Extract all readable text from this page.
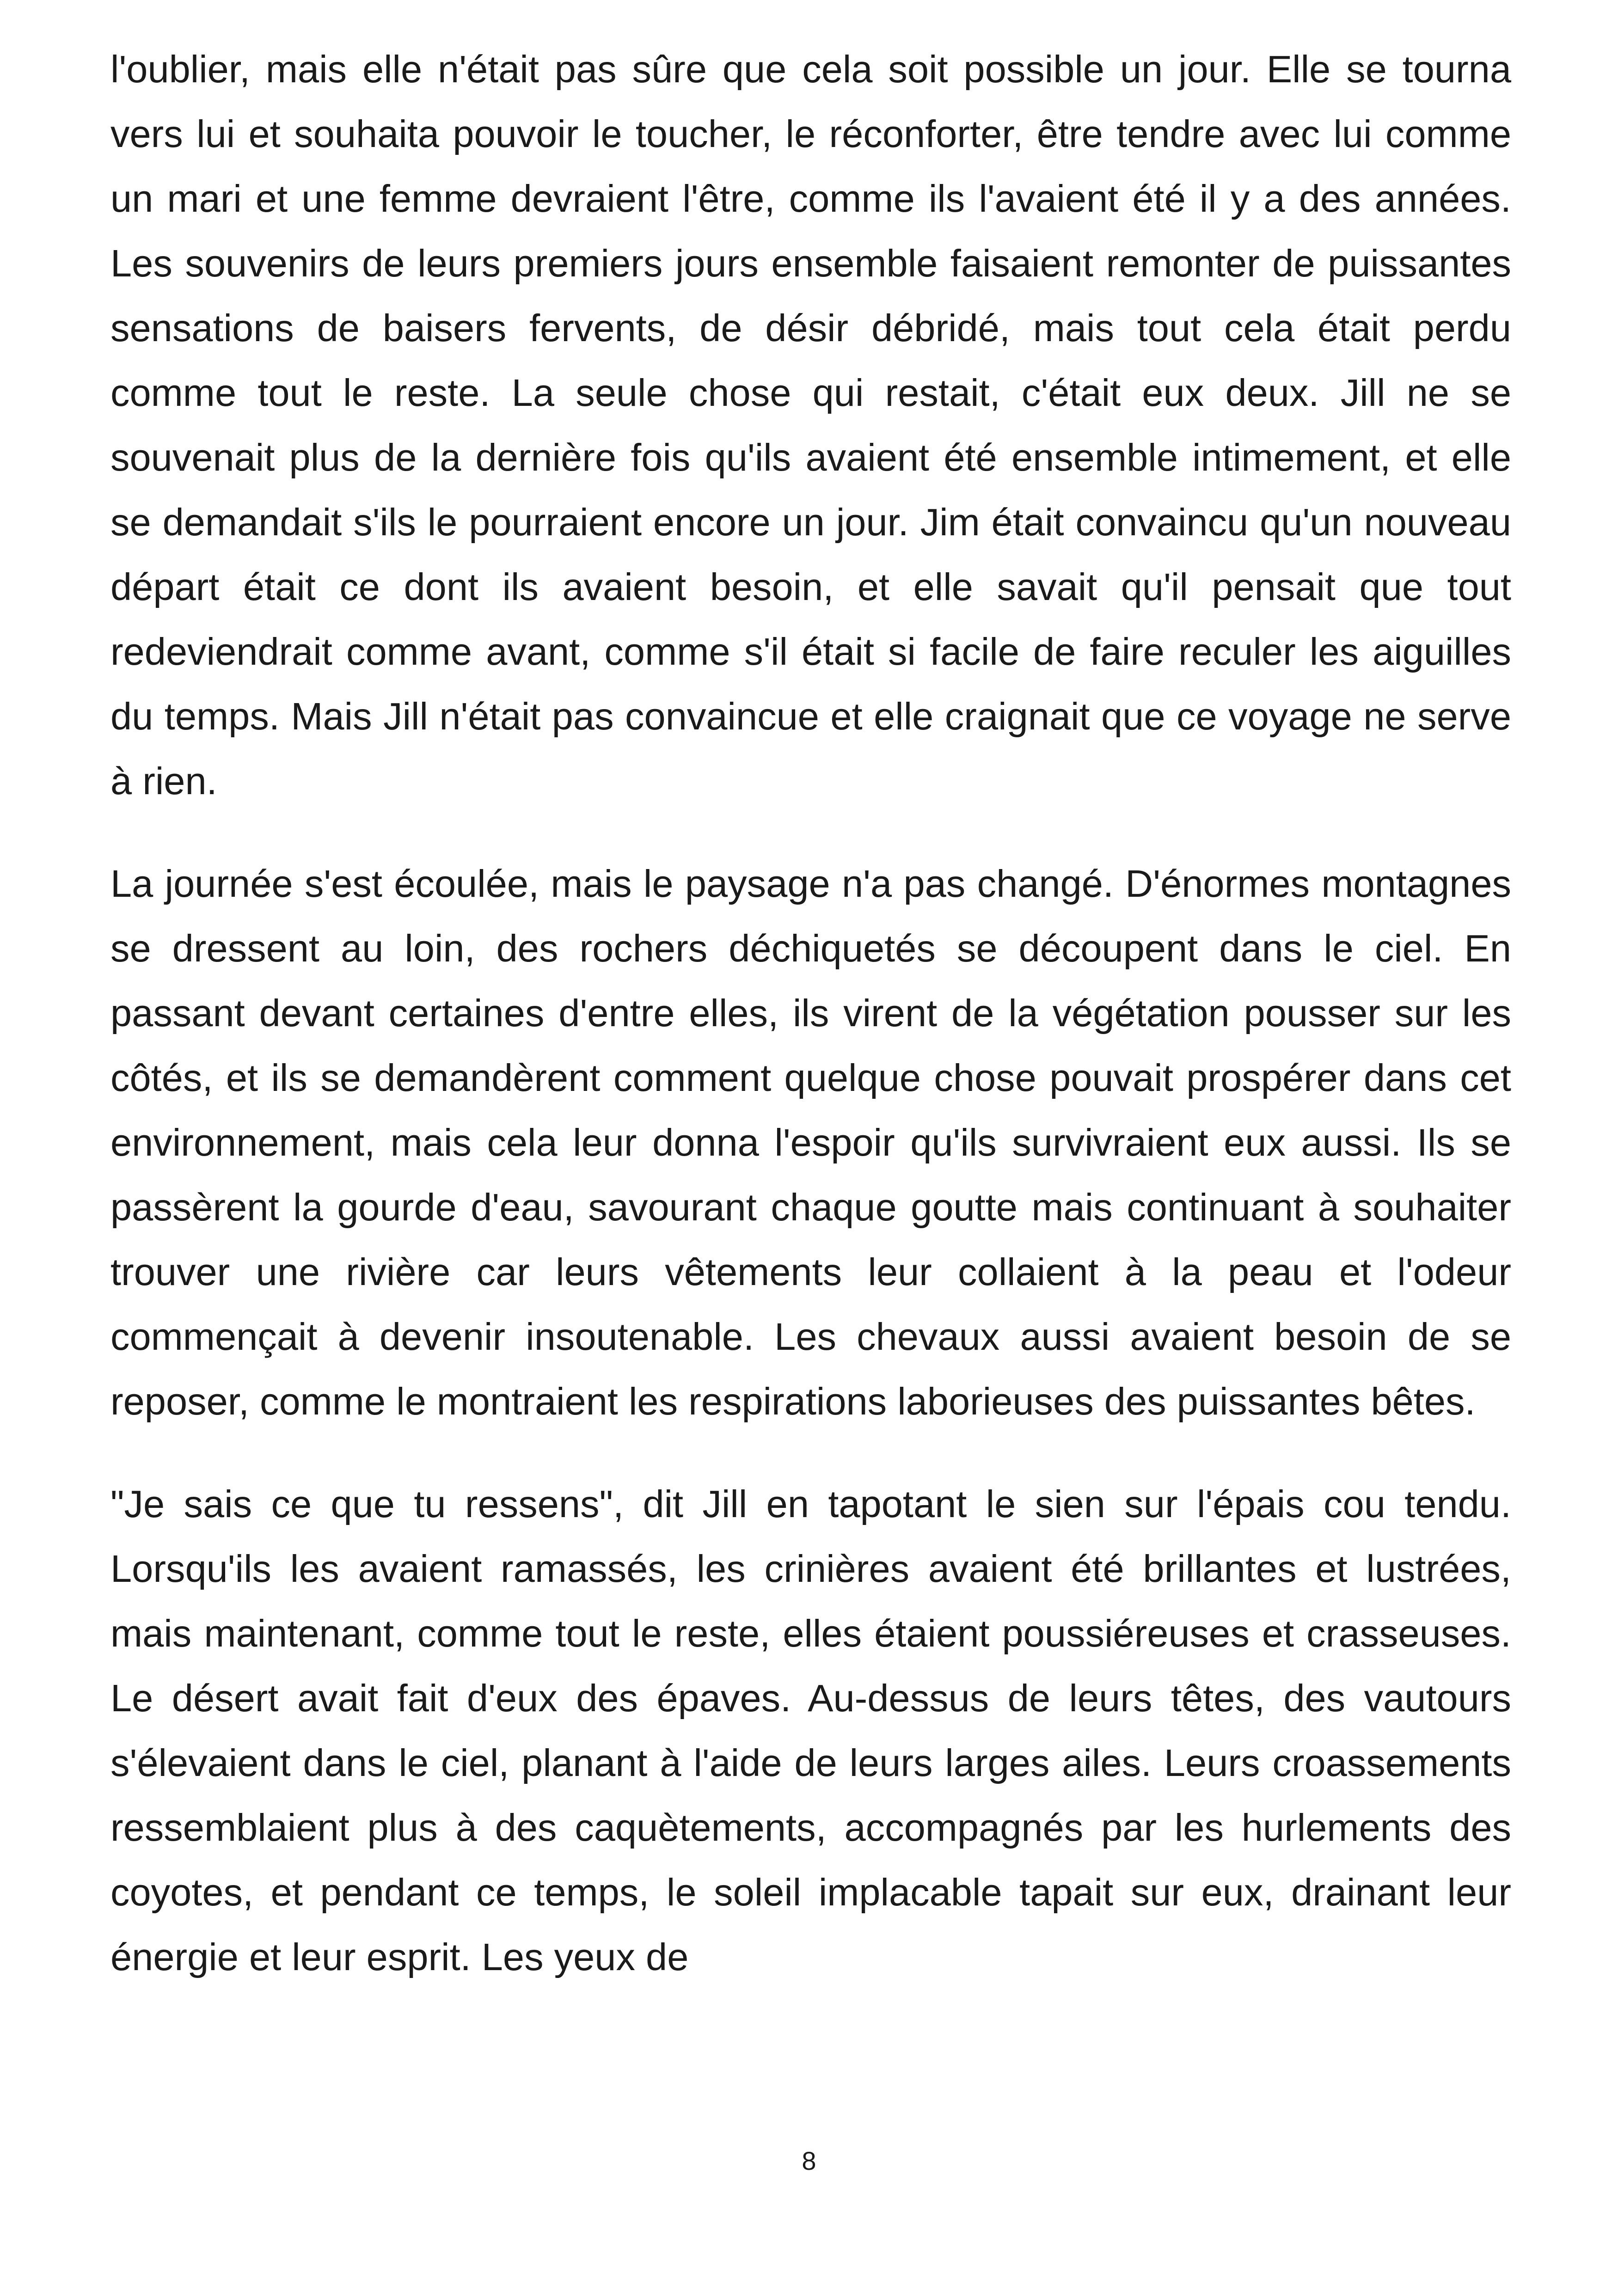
l'oublier, mais elle n'était pas sûre que cela soit possible un jour. Elle se tourna vers lui et souhaita pouvoir le toucher, le réconforter, être tendre avec lui comme un mari et une femme devraient l'être, comme ils l'avaient été il y a des années. Les souvenirs de leurs premiers jours ensemble faisaient remonter de puissantes sensations de baisers fervents, de désir débridé, mais tout cela était perdu comme tout le reste. La seule chose qui restait, c'était eux deux. Jill ne se souvenait plus de la dernière fois qu'ils avaient été ensemble intimement, et elle se demandait s'ils le pourraient encore un jour. Jim était convaincu qu'un nouveau départ était ce dont ils avaient besoin, et elle savait qu'il pensait que tout redeviendrait comme avant, comme s'il était si facile de faire reculer les aiguilles du temps. Mais Jill n'était pas convaincue et elle craignait que ce voyage ne serve à rien.

La journée s'est écoulée, mais le paysage n'a pas changé. D'énormes montagnes se dressent au loin, des rochers déchiquetés se découpent dans le ciel. En passant devant certaines d'entre elles, ils virent de la végétation pousser sur les côtés, et ils se demandèrent comment quelque chose pouvait prospérer dans cet environnement, mais cela leur donna l'espoir qu'ils survivraient eux aussi. Ils se passèrent la gourde d'eau, savourant chaque goutte mais continuant à souhaiter trouver une rivière car leurs vêtements leur collaient à la peau et l'odeur commençait à devenir insoutenable. Les chevaux aussi avaient besoin de se reposer, comme le montraient les respirations laborieuses des puissantes bêtes.

"Je sais ce que tu ressens", dit Jill en tapotant le sien sur l'épais cou tendu. Lorsqu'ils les avaient ramassés, les crinières avaient été brillantes et lustrées, mais maintenant, comme tout le reste, elles étaient poussiéreuses et crasseuses. Le désert avait fait d'eux des épaves. Au-dessus de leurs têtes, des vautours s'élevaient dans le ciel, planant à l'aide de leurs larges ailes. Leurs croassements ressemblaient plus à des caquètements, accompagnés par les hurlements des coyotes, et pendant ce temps, le soleil implacable tapait sur eux, drainant leur énergie et leur esprit. Les yeux de

8
